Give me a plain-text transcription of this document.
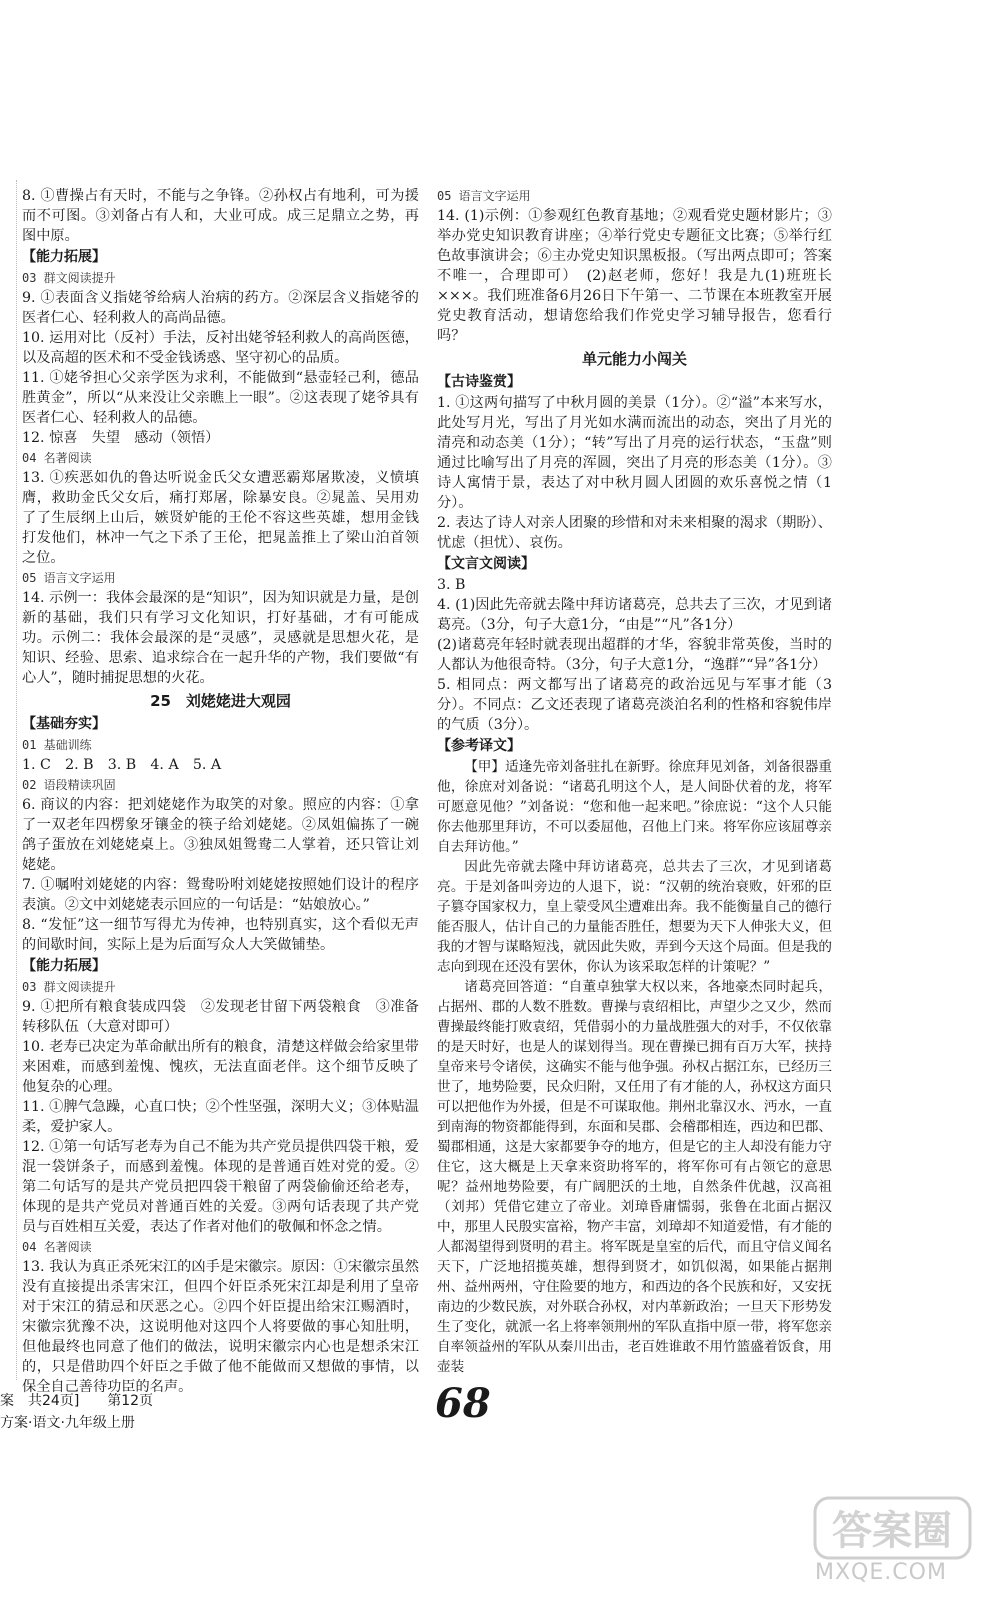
8. ①曹操占有天时，不能与之争锋。②孙权占有地利，可为援而不可图。③刘备占有人和，大业可成。成三足鼎立之势，再图中原。

【能力拓展】
03 群文阅读提升

9. ①表面含义指姥爷给病人治病的药方。②深层含义指姥爷的医者仁心、轻利救人的高尚品德。

10. 运用对比（反衬）手法，反衬出姥爷轻利救人的高尚医德，以及高超的医术和不受金钱诱惑、坚守初心的品质。

11. ①姥爷担心父亲学医为求利，不能做到“悬壶轻己利，德品胜黄金”，所以“从来没让父亲瞧上一眼”。②这表现了姥爷具有医者仁心、轻利救人的品德。

12. 惊喜　失望　感动（领悟）

04 名著阅读

13. ①疾恶如仇的鲁达听说金氏父女遭恶霸郑屠欺凌，义愤填膺，救助金氏父女后，痛打郑屠，除暴安良。②晁盖、吴用劝了了生辰纲上山后，嫉贤妒能的王伦不容这些英雄，想用金钱打发他们，林冲一气之下杀了王伦，把晁盖推上了梁山泊首领之位。

05 语言文字运用

14. 示例一：我体会最深的是“知识”，因为知识就是力量，是创新的基础，我们只有学习文化知识，打好基础，才有可能成功。示例二：我体会最深的是“灵感”，灵感就是思想火花，是知识、经验、思索、追求综合在一起升华的产物，我们要做“有心人”，随时捕捉思想的火花。

25　刘姥姥进大观园
【基础夯实】
01 基础训练

1. C　2. B　3. B　4. A　5. A

02 语段精读巩固

6. 商议的内容：把刘姥姥作为取笑的对象。照应的内容：①拿了一双老年四楞象牙镶金的筷子给刘姥姥。②凤姐偏拣了一碗鸽子蛋放在刘姥姥桌上。③独凤姐鸳鸯二人掌着，还只管让刘姥姥。

7. ①嘱咐刘姥姥的内容：鸳鸯吩咐刘姥姥按照她们设计的程序表演。②文中刘姥姥表示回应的一句话是：“姑娘放心。”

8. “发怔”这一细节写得尤为传神，也特别真实，这个看似无声的间歇时间，实际上是为后面写众人大笑做铺垫。

【能力拓展】
03 群文阅读提升

9. ①把所有粮食装成四袋　②发现老甘留下两袋粮食　③准备转移队伍（大意对即可）

10. 老寿已决定为革命献出所有的粮食，清楚这样做会给家里带来困难，而感到羞愧、愧疚，无法直面老伴。这个细节反映了他复杂的心理。

11. ①脾气急躁，心直口快；②个性坚强，深明大义；③体贴温柔，爱护家人。

12. ①第一句话写老寿为自己不能为共产党员提供四袋干粮，爱混一袋饼条子，而感到羞愧。体现的是普通百姓对党的爱。②第二句话写的是共产党员把四袋干粮留了两袋偷偷还给老寿，体现的是共产党员对普通百姓的关爱。③两句话表现了共产党员与百姓相互关爱，表达了作者对他们的敬佩和怀念之情。

04 名著阅读

13. 我认为真正杀死宋江的凶手是宋徽宗。原因：①宋徽宗虽然没有直接提出杀害宋江，但四个奸臣杀死宋江却是利用了皇帝对于宋江的猜忌和厌恶之心。②四个奸臣提出给宋江赐酒时，宋徽宗犹豫不决，这说明他对这四个人将要做的事心知肚明，但他最终也同意了他们的做法，说明宋徽宗内心也是想杀宋江的，只是借助四个奸臣之手做了他不能做而又想做的事情，以保全自己善待功臣的名声。

05 语言文字运用

14. (1)示例：①参观红色教育基地；②观看党史题材影片；③举办党史知识教育讲座；④举行党史专题征文比赛；⑤举行红色故事演讲会；⑥主办党史知识黑板报。（写出两点即可；答案不唯一，合理即可）　(2)赵老师，您好！我是九(1)班班长×××。我们班准备6月26日下午第一、二节课在本班教室开展党史教育活动，想请您给我们作党史学习辅导报告，您看行吗？

单元能力小闯关
【古诗鉴赏】

1. ①这两句描写了中秋月圆的美景（1分）。②“溢”本来写水，此处写月光，写出了月光如水满而流出的动态，突出了月光的清亮和动态美（1分）；“转”写出了月亮的运行状态，“玉盘”则通过比喻写出了月亮的浑圆，突出了月亮的形态美（1分）。③诗人寓情于景，表达了对中秋月圆人团圆的欢乐喜悦之情（1分）。

2. 表达了诗人对亲人团聚的珍惜和对未来相聚的渴求（期盼）、忧虑（担忧）、哀伤。

【文言文阅读】

3. B

4. (1)因此先帝就去隆中拜访诸葛亮，总共去了三次，才见到诸葛亮。（3分，句子大意1分，“由是”“凡”各1分）

(2)诸葛亮年轻时就表现出超群的才华，容貌非常英俊，当时的人都认为他很奇特。（3分，句子大意1分，“逸群”“异”各1分）

5. 相同点：两文都写出了诸葛亮的政治远见与军事才能（3分）。不同点：乙文还表现了诸葛亮淡泊名利的性格和容貌伟岸的气质（3分）。

【参考译文】

【甲】适逢先帝刘备驻扎在新野。徐庶拜见刘备，刘备很器重他，徐庶对刘备说：“诸葛孔明这个人，是人间卧伏着的龙，将军可愿意见他？”刘备说：“您和他一起来吧。”徐庶说：“这个人只能你去他那里拜访，不可以委屈他，召他上门来。将军你应该屈尊亲自去拜访他。”

因此先帝就去隆中拜访诸葛亮，总共去了三次，才见到诸葛亮。于是刘备叫旁边的人退下，说：“汉朝的统治衰败，奸邪的臣子篡夺国家权力，皇上蒙受风尘遭难出奔。我不能衡量自己的德行能否服人，估计自己的力量能否胜任，想要为天下人伸张大义，但我的才智与谋略短浅，就因此失败，弄到今天这个局面。但是我的志向到现在还没有罢休，你认为该采取怎样的计策呢？”

诸葛亮回答道：“自董卓独掌大权以来，各地豪杰同时起兵，占据州、郡的人数不胜数。曹操与袁绍相比，声望少之又少，然而曹操最终能打败袁绍，凭借弱小的力量战胜强大的对手，不仅依靠的是天时好，也是人的谋划得当。现在曹操已拥有百万大军，挟持皇帝来号令诸侯，这确实不能与他争强。孙权占据江东，已经历三世了，地势险要，民众归附，又任用了有才能的人，孙权这方面只可以把他作为外援，但是不可谋取他。荆州北靠汉水、沔水，一直到南海的物资都能得到，东面和吴郡、会稽郡相连，西边和巴郡、蜀郡相通，这是大家都要争夺的地方，但是它的主人却没有能力守住它，这大概是上天拿来资助将军的，将军你可有占领它的意思呢？益州地势险要，有广阔肥沃的土地，自然条件优越，汉高祖（刘邦）凭借它建立了帝业。刘璋昏庸懦弱，张鲁在北面占据汉中，那里人民殷实富裕，物产丰富，刘璋却不知道爱惜，有才能的人都渴望得到贤明的君主。将军既是皇室的后代，而且守信义闻名天下，广泛地招揽英雄，想得到贤才，如饥似渴，如果能占据荆州、益州两州，守住险要的地方，和西边的各个民族和好，又安抚南边的少数民族，对外联合孙权，对内革新政治；一旦天下形势发生了变化，就派一名上将率领荆州的军队直指中原一带，将军您亲自率领益州的军队从秦川出击，老百姓谁敢不用竹篮盛着饭食，用壶装

案　共24页]　　第12页
方案·语文·九年级上册	68
答案圈
MXQE.COM
